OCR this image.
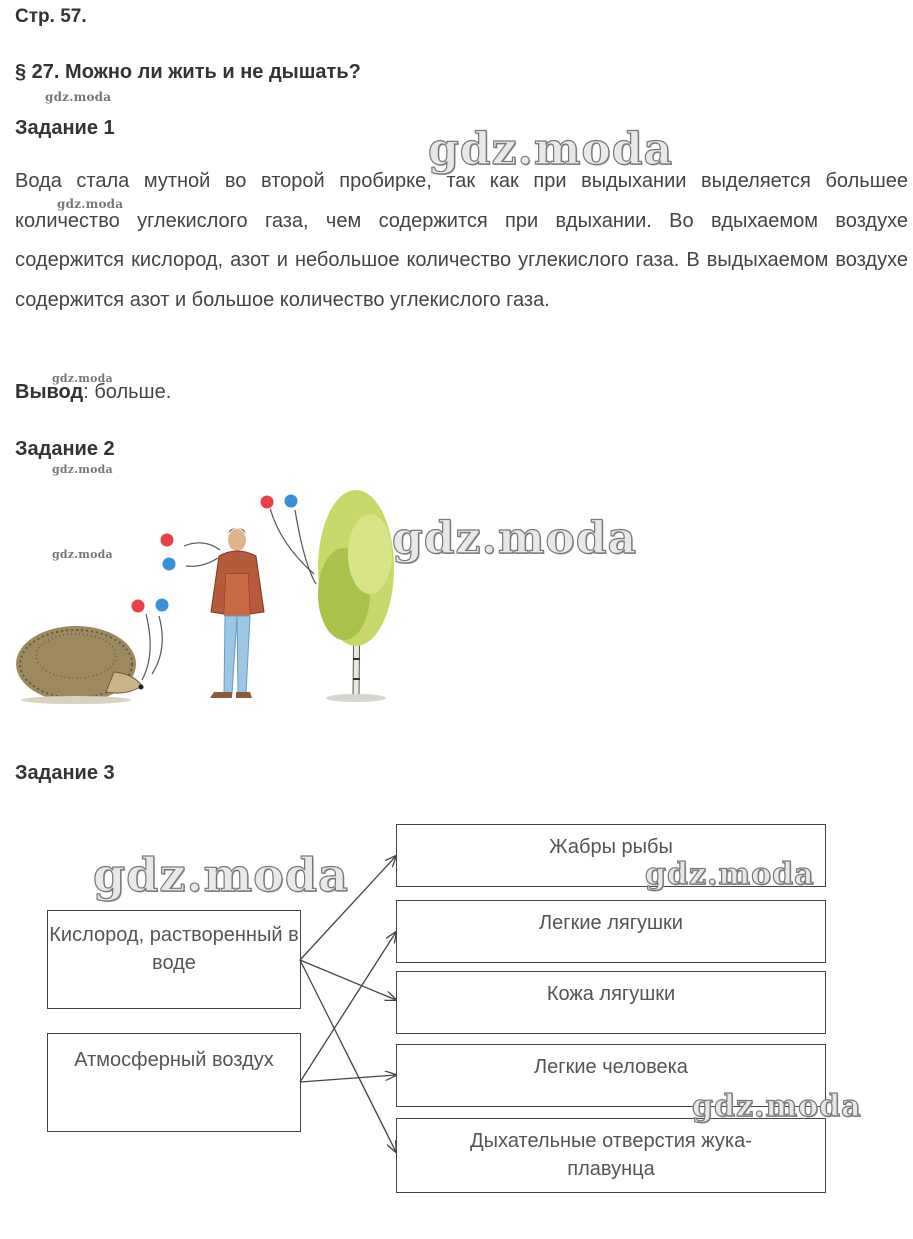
Стр. 57.
§ 27. Можно ли жить и не дышать?
gdz.moda
Задание 1	gdz.moda

Вода стала мутной во второй пробирке, так как при выдыхании выделяется большее количество углекислого газа, чем содержится при вдыхании. Во вдыхаемом воздухе содержится кислород, азот и небольшое количество углекислого газа. В выдыхаемом воздухе содержится азот и большое количество углекислого газа.

gdz.moda
gdz.moda
Вывод: больше.
Задание 2
gdz.moda
gdz.moda	gdz.moda
Задание 3
Кислород, растворенный в воде
Атмосферный воздух
Жабры рыбы
Легкие лягушки
Кожа лягушки
Легкие человека
Дыхательные отверстия жука-плавунца
gdz.moda	gdz.moda
gdz.moda
